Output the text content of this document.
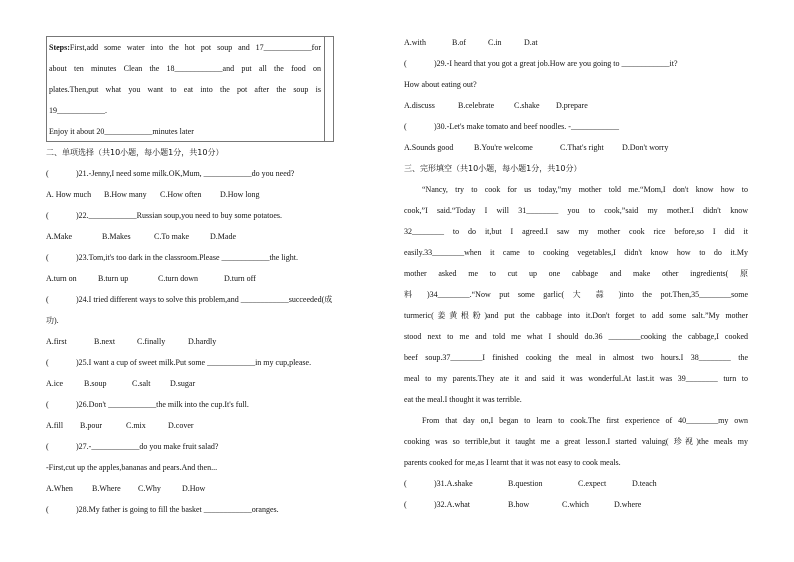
Steps:First,add some water into the hot pot soup and 17____________for
about ten minutes Clean the 18____________and put all the food on
plates.Then,put what you want to eat into the pot after the soup is
19____________.
Enjoy it about 20____________minutes later
二、单项选择（共10小题，每小题1分，共10分）
(	)21.-Jenny,I need some milk.OK,Mum, ____________do you need?
A. How much B.How many C.How often D.How long
(	)22.____________Russian soup,you need to buy some potatoes.
A.Make	B.Makes	C.To make	D.Made
(	)23.Tom,it's too dark in the classroom.Please ____________the light.
A.turn on	B.turn up	C.turn down	D.turn off
(	)24.I tried different ways to solve this problem,and ____________succeeded(成
功).
A.first	B.next	C.finally	D.hardly
(	)25.I want a cup of sweet milk.Put some ____________in my cup,please.
A.ice	B.soup	C.salt D.sugar
(	)26.Don't ____________the milk into the cup.It's full.
A.fill B.pour	C.mix	D.cover
(	)27.-____________do you make fruit salad?
-First,cut up the apples,bananas and pears.And then...
A.When B.Where C.Why	D.How
(	)28.My father is going to fill the basket ____________oranges.
A.with	B.of	C.in	D.at
(	)29.-I heard that you got a great job.How are you going to ____________it?
How about eating out?
A.discuss	B.celebrate C.shake D.prepare
(	)30.-Let's make tomato and beef noodles. -____________
A.Sounds good	B.You're welcome	C.That's right D.Don't worry
三、完形填空（共10小题，每小题1分，共10分）
“Nancy, try to cook for us today,”my mother told me.“Mom,I don't know how to
cook,”I said.“Today I will 31________ you to cook,”said my mother.I didn't know
32________ to do it,but I agreed.I saw my mother cook rice before,so I did it
easily.33________when it came to cooking vegetables,I didn't know how to do it.My
mother asked me to cut up one cabbage and make other ingredients( 原
料 )34________.“Now put some garlic( 大 蒜 )into the pot.Then,35________some
turmeric(姜黄根粉)and put the cabbage into it.Don't forget to add some salt.”My mother
stood next to me and told me what I should do.36 ________cooking the cabbage,I cooked
beef soup.37________I finished cooking the meal in almost two hours.I 38________ the
meal to my parents.They ate it and said it was wonderful.At last.it was 39________ turn to
eat the meal.I thought it was terrible.
From that day on,I began to learn to cook.The first experience of 40________my own
cooking was so terrible,but it taught me a great lesson.I started valuing( 珍视)the meals my
parents cooked for me,as I learnt that it was not easy to cook meals.
(	)31.A.shake	B.question	C.expect	D.teach
(	)32.A.what	B.how	C.which	D.where
